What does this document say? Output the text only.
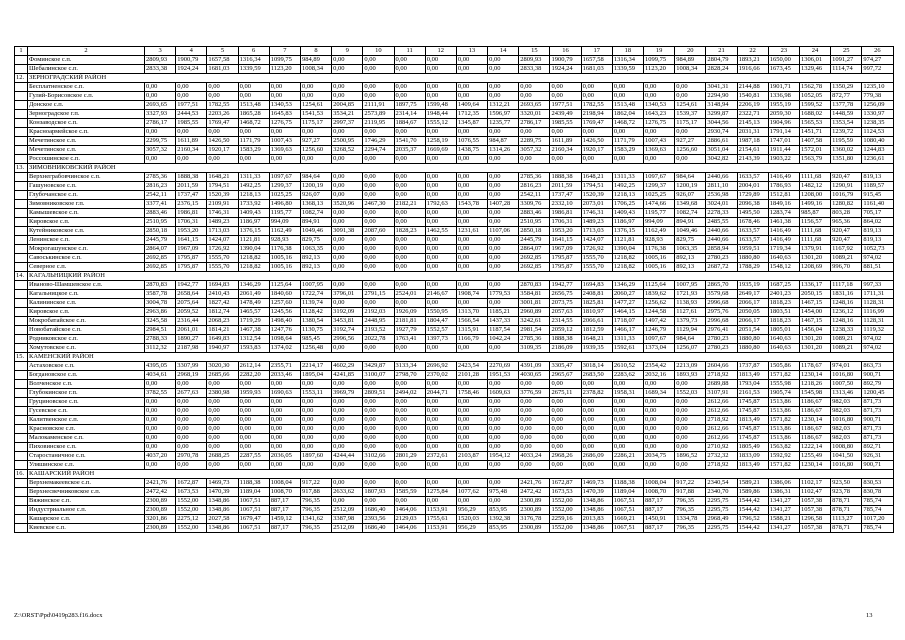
1	2	3	4	5	6	7	8	9	10	11	12	13	14	15	16	17	18	19	20	21	22	23	24	25	26
	Фоминское с.п.	2809,93	1900,79	1657,58	1316,34	1099,75	984,89	0,00	0,00	0,00	0,00	0,00	0,00	2809,93	1900,79	1657,58	1316,34	1099,75	984,89	2804,79	1893,21	1650,00	1306,01	1091,27	974,27
	Шебалинское с.п.	2833,38	1924,24	1681,03	1339,59	1123,20	1008,34	0,00	0,00	0,00	0,00	0,00	0,00	2833,38	1924,24	1681,03	1339,59	1123,20	1008,34	2828,24	1916,66	1673,45	1329,46	1114,74	997,72
12.	ЗЕРНОГРАДСКИЙ РАЙОН																								
	Бесплатненское с.п.	0,00	0,00	0,00	0,00	0,00	0,00	0,00	0,00	0,00	0,00	0,00	0,00	0,00	0,00	0,00	0,00	0,00	0,00	3041,31	2144,88	1901,71	1562,78	1350,29	1235,10
	Гуляй-Борисовское с.п.	0,00	0,00	0,00	0,00	0,00	0,00	0,00	0,00	0,00	0,00	0,00	0,00	0,00	0,00	0,00	0,00	0,00	0,00	2294,90	1540,81	1336,98	1052,05	872,77	779,38
	Донское с.п.	2693,65	1977,51	1782,55	1513,48	1340,53	1254,61	2004,85	2111,91	1897,75	1599,48	1409,64	1312,21	2693,65	1977,51	1782,55	1513,48	1340,53	1254,61	3148,94	2206,19	1955,19	1599,52	1377,78	1256,09
	Зерноградское г.п.	3327,93	2444,53	2203,26	1865,28	1645,83	1541,53	3534,21	2573,89	2314,14	1948,44	1712,35	1596,97	3320,01	2439,49	2198,94	1862,04	1643,23	1539,37	3299,87	2322,71	2059,30	1688,02	1448,59	1330,97
	Конзаводское с.п.	2786,17	1985,55	1769,47	1468,72	1276,75	1175,17	2997,37	2119,95	1884,67	1555,12	1345,87	1235,77	2786,17	1985,55	1769,47	1468,72	1276,75	1175,17	3044,56	2145,13	1904,96	1565,53	1353,54	1238,35
	Красноармейское с.п.	0,00	0,00	0,00	0,00	0,00	0,00	0,00	0,00	0,00	0,00	0,00	0,00	0,00	0,00	0,00	0,00	0,00	0,00	2930,74	2031,31	1791,14	1451,71	1239,72	1124,53
	Мечетинское с.п.	2299,75	1611,89	1426,50	1171,79	1007,43	927,27	2500,95	1746,29	1541,70	1258,19	1076,55	984,87	2289,75	1611,89	1426,50	1171,79	1007,43	927,27	2886,61	1987,18	1747,01	1407,58	1195,59	1080,40
	Мечетинское с.п.	3057,32	2160,34	1920,17	1583,29	1369,63	1256,60	3268,52	2294,74	2035,37	1669,69	1438,75	1314,26	3057,32	2160,34	1920,17	1583,29	1369,63	1256,60	3051,04	2154,61	1911,44	1572,01	1360,02	1244,83
	Россошинское с.п.	0,00	0,00	0,00	0,00	0,00	0,00	0,00	0,00	0,00	0,00	0,00	0,00	0,00	0,00	0,00	0,00	0,00	0,00	3042,82	2143,39	1903,22	1563,79	1351,80	1236,61
13.	ЗИМОВНИКОВСКИЙ РАЙОН																								
	Верхнеграбовчинское с.п.	2785,36	1888,38	1648,21	1311,33	1097,67	984,64	0,00	0,00	0,00	0,00	0,00	0,00	2785,36	1888,38	1648,21	1311,33	1097,67	984,64	2440,66	1633,57	1416,49	1111,68	920,47	819,13
	Гашуновское с.п.	2816,23	2011,59	1794,51	1492,25	1299,37	1200,19	0,00	0,00	0,00	0,00	0,00	0,00	2816,23	2011,59	1794,51	1492,25	1299,37	1200,19	2811,10	2004,01	1786,93	1482,12	1290,91	1189,57
	Глубочанское с.п.	2542,11	1737,47	1520,39	1218,13	1025,25	926,07	0,00	0,00	0,00	0,00	0,00	0,00	2542,11	1737,47	1520,39	1218,13	1025,25	926,07	2536,98	1729,89	1512,81	1208,00	1016,79	915,45
	Зимовниковское г.п.	3377,41	2376,15	2109,91	1733,92	1496,80	1368,13	3520,96	2467,30	2182,21	1792,63	1543,78	1407,28	3309,76	2332,10	2073,01	1706,25	1474,66	1349,68	3024,01	2096,38	1849,16	1499,16	1280,82	1161,40
	Камышевское с.п.	2883,46	1986,81	1746,31	1409,43	1195,77	1082,74	0,00	0,00	0,00	0,00	0,00	0,00	2883,46	1986,81	1746,31	1409,43	1195,77	1082,74	2278,33	1495,50	1283,74	985,87	803,28	705,17
	Кировское с.п.	2510,95	1706,31	1489,23	1186,97	994,09	894,91	0,00	0,00	0,00	0,00	0,00	0,00	2510,95	1706,31	1489,23	1186,97	994,09	894,91	2485,55	1678,46	1461,38	1156,57	965,36	864,02
	Кутейниковское с.п.	2850,18	1953,20	1713,03	1376,15	1162,49	1049,46	3091,38	2087,60	1828,23	1462,55	1231,61	1107,06	2850,18	1953,20	1713,03	1376,15	1162,49	1049,46	2440,66	1633,57	1416,49	1111,68	920,47	819,13
	Ленинское с.п.	2445,79	1641,15	1424,07	1121,81	928,93	829,75	0,00	0,00	0,00	0,00	0,00	0,00	2445,79	1641,15	1424,07	1121,81	928,93	829,75	2440,66	1633,57	1416,49	1111,68	920,47	819,13
	Мокрогашунское с.п.	2864,07	1967,09	1726,92	1390,04	1176,38	1063,35	0,00	0,00	0,00	0,00	0,00	0,00	2864,07	1967,09	1726,92	1390,04	1176,38	1063,35	2858,94	1959,51	1719,34	1379,91	1167,92	1052,73
	Савоськинское с.п.	2692,85	1795,87	1555,70	1218,82	1005,16	892,13	0,00	0,00	0,00	0,00	0,00	0,00	2692,85	1795,87	1555,70	1218,82	1005,16	892,13	2780,23	1880,80	1640,63	1301,20	1089,21	974,02
	Северное с.п.	2692,85	1795,87	1555,70	1218,82	1005,16	892,13	0,00	0,00	0,00	0,00	0,00	0,00	2692,85	1795,87	1555,70	1218,82	1005,16	892,13	2687,72	1788,29	1548,12	1208,69	996,70	881,51
14.	КАГАЛЬНИЦКИЙ РАЙОН																								
	Иваново-Шамшевское с.п.	2870,83	1942,77	1694,83	1346,29	1125,64	1007,95	0,00	0,00	0,00	0,00	0,00	0,00	2870,83	1942,77	1694,83	1346,29	1125,64	1007,95	2865,70	1935,19	1687,25	1336,17	1117,18	997,33
	Кагальницкое с.п.	3587,78	2658,64	2410,43	2061,49	1840,60	1722,74	3796,01	2791,15	2524,01	2146,67	1908,74	1779,53	3584,81	2656,75	2408,81	2060,27	1839,62	1721,93	3579,68	2649,17	2401,23	2050,15	1831,16	1711,31
	Калининское с.п.	3004,78	2075,64	1827,42	1478,49	1257,60	1139,74	0,00	0,00	0,00	0,00	0,00	0,00	3001,81	2073,75	1825,81	1477,27	1256,62	1138,93	2996,68	2066,17	1818,23	1467,15	1248,16	1128,31
	Кировское с.п.	2963,86	2059,52	1812,74	1465,57	1245,56	1128,42	3192,09	2192,03	1926,09	1550,95	1313,70	1185,21	2960,89	2057,63	1810,97	1464,15	1244,58	1127,61	2975,76	2050,05	1803,51	1454,00	1236,12	1116,99
	Мокробатайское с.п.	3245,58	2316,44	2068,23	1719,29	1498,40	1380,54	3453,81	2448,95	2181,81	1804,47	1566,54	1437,33	3242,61	2314,55	2066,61	1718,07	1497,42	1379,73	2996,68	2066,17	1818,23	1467,15	1248,16	1128,31
	Новобатайское с.п.	2984,51	2061,01	1814,21	1467,38	1247,76	1130,75	3192,74	2193,52	1927,79	1552,57	1315,91	1187,54	2981,54	2059,12	1812,59	1466,17	1246,79	1129,94	2976,41	2051,54	1805,01	1456,04	1238,33	1119,32
	Родниковское с.п.	2788,33	1890,27	1649,83	1312,54	1098,64	985,45	2996,56	2022,78	1763,41	1397,73	1166,79	1042,24	2785,36	1888,38	1648,21	1311,33	1097,67	984,64	2780,23	1880,80	1640,63	1301,20	1089,21	974,02
	Хомутовское с.п.	3112,32	2187,98	1940,97	1593,83	1374,02	1256,48	0,00	0,00	0,00	0,00	0,00	0,00	3109,35	2186,09	1939,35	1592,61	1373,04	1256,07	2780,23	1880,80	1640,63	1301,20	1089,21	974,02
15.	КАМЕНСКИЙ РАЙОН																								
	Астаховское с.п.	4395,05	3307,99	3020,30	2612,14	2355,71	2214,17	4602,29	3429,87	3133,34	2696,92	2423,54	2270,69	4391,09	3305,47	3018,14	2610,52	2354,42	2213,09	2604,66	1737,87	1505,86	1178,67	974,01	863,73
	Богдановское с.п.	4034,61	2968,19	2685,66	2282,20	2033,46	1895,04	4241,85	3100,07	2798,70	2370,02	2101,28	1951,53	4030,65	2965,67	2683,50	2283,62	2032,16	1893,93	2718,92	1813,49	1571,82	1230,14	1016,80	900,71
	Волченское с.п.	0,00	0,00	0,00	0,00	0,00	0,00	0,00	0,00	0,00	0,00	0,00	0,00	0,00	0,00	0,00	0,00	0,00	0,00	2689,88	1793,04	1555,98	1218,26	1007,50	892,79
	Глубокинское г.п.	3782,55	2677,63	2380,98	1959,93	1690,63	1553,11	3969,79	2809,51	2494,02	2044,71	1758,46	1609,63	3776,59	2675,11	2378,82	1958,31	1689,34	1552,03	3107,91	2161,53	1905,74	1545,98	1313,46	1200,45
	Груциновское с.п.	0,00	0,00	0,00	0,00	0,00	0,00	0,00	0,00	0,00	0,00	0,00	0,00	0,00	0,00	0,00	0,00	0,00	0,00	2612,66	1745,87	1513,86	1186,67	982,03	871,73
	Гусевское с.п.	0,00	0,00	0,00	0,00	0,00	0,00	0,00	0,00	0,00	0,00	0,00	0,00	0,00	0,00	0,00	0,00	0,00	0,00	2612,66	1745,87	1513,86	1186,67	982,03	871,73
	Калитвенское с.п.	0,00	0,00	0,00	0,00	0,00	0,00	0,00	0,00	0,00	0,00	0,00	0,00	0,00	0,00	0,00	0,00	0,00	0,00	2718,92	1813,49	1571,82	1230,14	1016,80	900,71
	Красновское с.п.	0,00	0,00	0,00	0,00	0,00	0,00	0,00	0,00	0,00	0,00	0,00	0,00	0,00	0,00	0,00	0,00	0,00	0,00	2612,66	1745,87	1513,86	1186,67	982,03	871,73
	Малокаменское с.п.	0,00	0,00	0,00	0,00	0,00	0,00	0,00	0,00	0,00	0,00	0,00	0,00	0,00	0,00	0,00	0,00	0,00	0,00	2612,66	1745,87	1513,86	1186,67	982,03	871,73
	Пиховинское с.п.	0,00	0,00	0,00	0,00	0,00	0,00	0,00	0,00	0,00	0,00	0,00	0,00	0,00	0,00	0,00	0,00	0,00	0,00	2710,92	1805,49	1563,82	1222,14	1008,80	892,71
	Старостаничное с.п.	4037,20	2970,78	2688,25	2287,55	2036,05	1897,60	4244,44	3102,66	2801,29	2372,61	2103,87	1954,12	4033,24	2968,26	2686,09	2286,21	2034,75	1896,52	2732,32	1833,09	1592,92	1255,49	1041,50	926,31
	Уляшинское с.п.	0,00	0,00	0,00	0,00	0,00	0,00	0,00	0,00	0,00	0,00	0,00	0,00	0,00	0,00	0,00	0,00	0,00	0,00	2718,92	1813,49	1571,82	1230,14	1016,80	900,71
16.	КАШАРСКИЙ РАЙОН																								
	Верхнемакеевское с.п.	2421,76	1672,87	1469,73	1188,38	1008,04	917,22	0,00	0,00	0,00	0,00	0,00	0,00	2421,76	1672,87	1469,73	1188,38	1008,04	917,22	2340,54	1589,21	1386,06	1102,17	923,50	830,53
	Верхнесвечниковское с.п.	2472,42	1673,53	1470,39	1189,04	1008,70	917,88	2633,62	1807,93	1585,59	1275,84	1077,62	975,48	2472,42	1673,53	1470,39	1189,04	1008,70	917,88	2340,70	1589,86	1386,31	1102,47	923,78	830,78
	Вяжинское с.п.	2300,89	1552,00	1348,86	1067,51	887,17	796,35	0,00	0,00	0,00	0,00	0,00	0,00	2300,89	1552,00	1348,86	1067,51	887,17	796,35	2295,75	1544,42	1341,27	1057,38	878,71	785,74
	Индустриальное с.п.	2300,89	1552,00	1348,86	1067,51	887,17	796,35	2512,09	1686,40	1464,06	1153,91	956,29	853,95	2300,89	1552,00	1348,86	1067,51	887,17	796,35	2295,75	1544,42	1341,27	1057,38	878,71	785,74
	Кашарское с.п.	3201,86	2275,12	2027,58	1679,47	1459,12	1341,62	3387,98	2393,56	2129,03	1755,61	1520,03	1392,38	3176,78	2259,16	2013,83	1669,21	1450,91	1334,78	2968,49	1796,52	1588,21	1296,58	1113,27	1017,20
	Киевское с.п.	2300,89	1552,00	1348,86	1067,51	887,17	796,35	2512,09	1686,40	1464,06	1153,91	956,29	853,95	2300,89	1552,00	1348,86	1067,51	887,17	796,35	2295,75	1544,42	1341,27	1057,38	878,71	785,74
Z:\ORST\Ppd\0419p283.f16.docx	13
